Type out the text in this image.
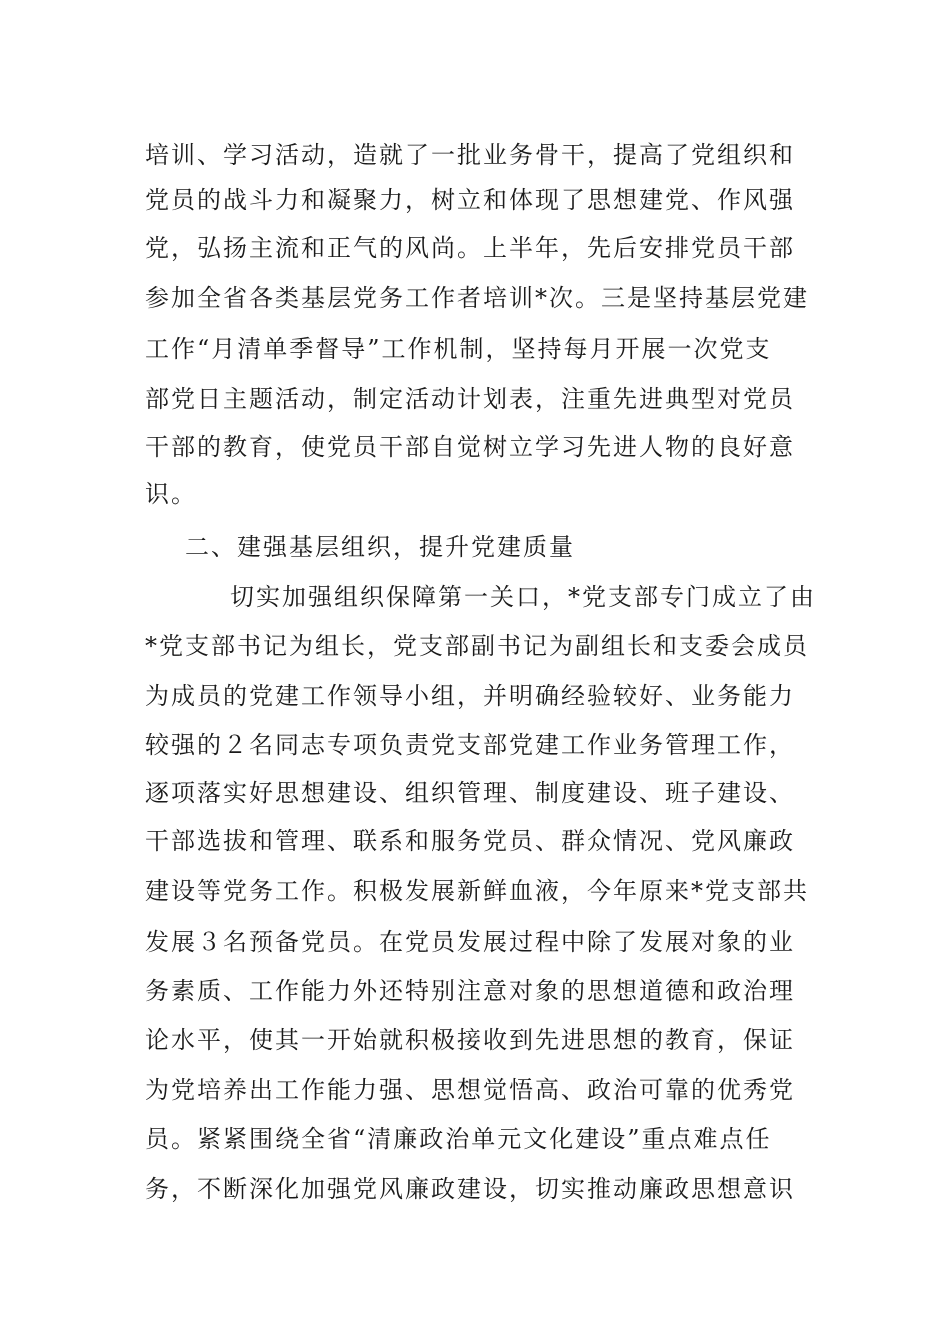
培训、学习活动，造就了一批业务骨干，提高了党组织和

党员的战斗力和凝聚力，树立和体现了思想建党、作风强

党，弘扬主流和正气的风尚。上半年，先后安排党员干部

参加全省各类基层党务工作者培训*次。三是坚持基层党建

工作“月清单季督导”工作机制，坚持每月开展一次党支

部党日主题活动，制定活动计划表，注重先进典型对党员

干部的教育，使党员干部自觉树立学习先进人物的良好意

识。

二、建强基层组织，提升党建质量

切实加强组织保障第一关口，*党支部专门成立了由

*党支部书记为组长，党支部副书记为副组长和支委会成员

为成员的党建工作领导小组，并明确经验较好、业务能力

较强的２名同志专项负责党支部党建工作业务管理工作，

逐项落实好思想建设、组织管理、制度建设、班子建设、

干部选拔和管理、联系和服务党员、群众情况、党风廉政

建设等党务工作。积极发展新鲜血液，今年原来*党支部共

发展３名预备党员。在党员发展过程中除了发展对象的业

务素质、工作能力外还特别注意对象的思想道德和政治理

论水平，使其一开始就积极接收到先进思想的教育，保证

为党培养出工作能力强、思想觉悟高、政治可靠的优秀党

员。紧紧围绕全省“清廉政治单元文化建设”重点难点任

务，不断深化加强党风廉政建设，切实推动廉政思想意识
